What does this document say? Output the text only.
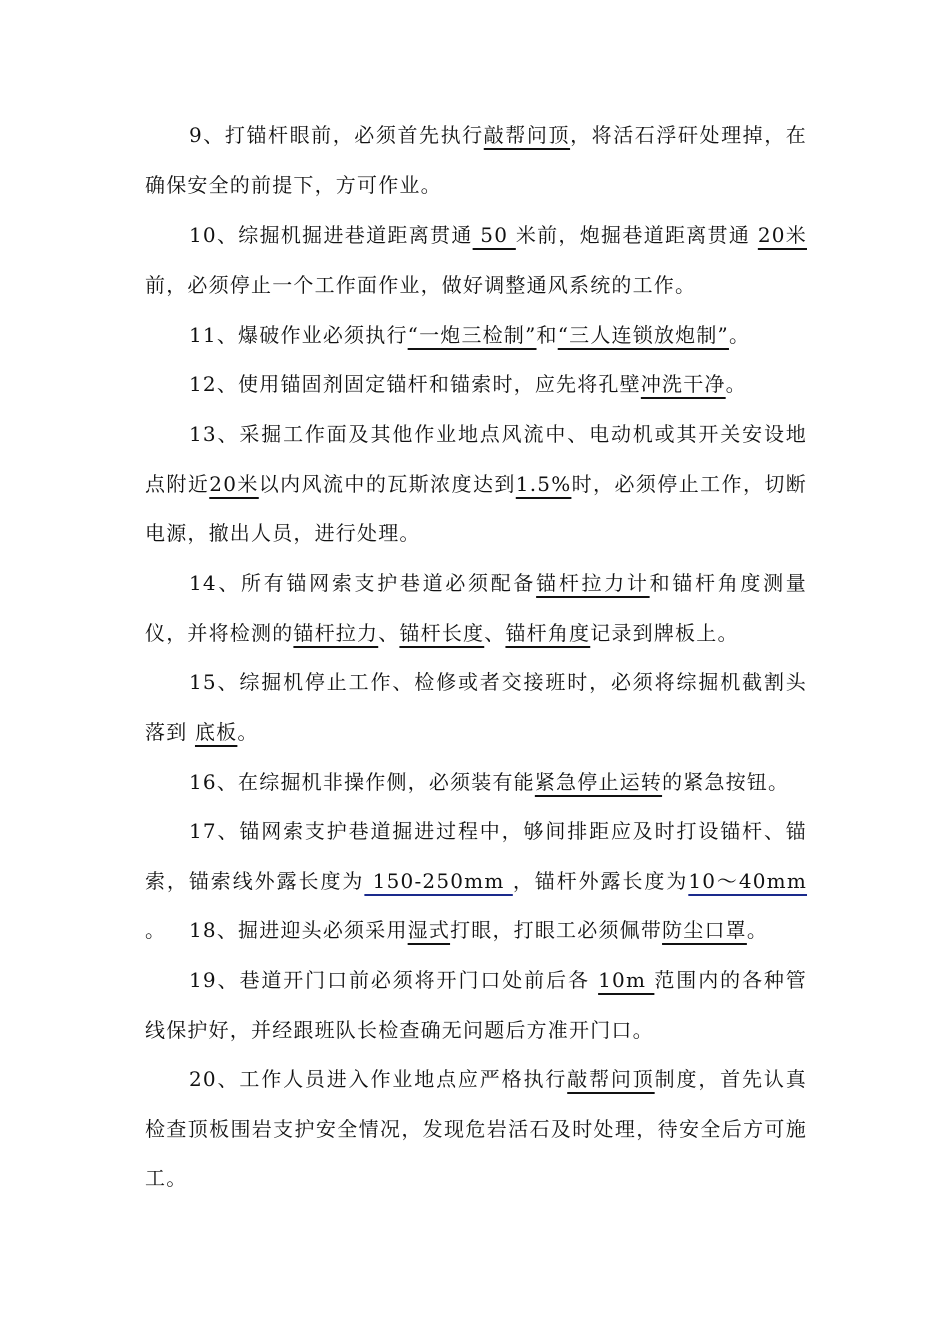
9、打锚杆眼前，必须首先执行敲帮问顶，将活石浮矸处理掉，在确保安全的前提下，方可作业。

10、综掘机掘进巷道距离贯通 50 米前，炮掘巷道距离贯通 20米前，必须停止一个工作面作业，做好调整通风系统的工作。

11、爆破作业必须执行“一炮三检制”和“三人连锁放炮制”。

12、使用锚固剂固定锚杆和锚索时，应先将孔壁冲洗干净。

13、采掘工作面及其他作业地点风流中、电动机或其开关安设地点附近20米以内风流中的瓦斯浓度达到1.5%时，必须停止工作，切断电源，撤出人员，进行处理。

14、所有锚网索支护巷道必须配备锚杆拉力计和锚杆角度测量仪，并将检测的锚杆拉力、锚杆长度、锚杆角度记录到牌板上。

15、综掘机停止工作、检修或者交接班时，必须将综掘机截割头落到 底板。

16、在综掘机非操作侧，必须装有能紧急停止运转的紧急按钮。

17、锚网索支护巷道掘进过程中，够间排距应及时打设锚杆、锚索，锚索线外露长度为 150-250mm ，锚杆外露长度为10～40mm 。	18、掘进迎头必须采用湿式打眼，打眼工必须佩带防尘口罩。

19、巷道开门口前必须将开门口处前后各 10m 范围内的各种管线保护好，并经跟班队长检查确无问题后方准开门口。

20、工作人员进入作业地点应严格执行敲帮问顶制度，首先认真检查顶板围岩支护安全情况，发现危岩活石及时处理，待安全后方可施工。
